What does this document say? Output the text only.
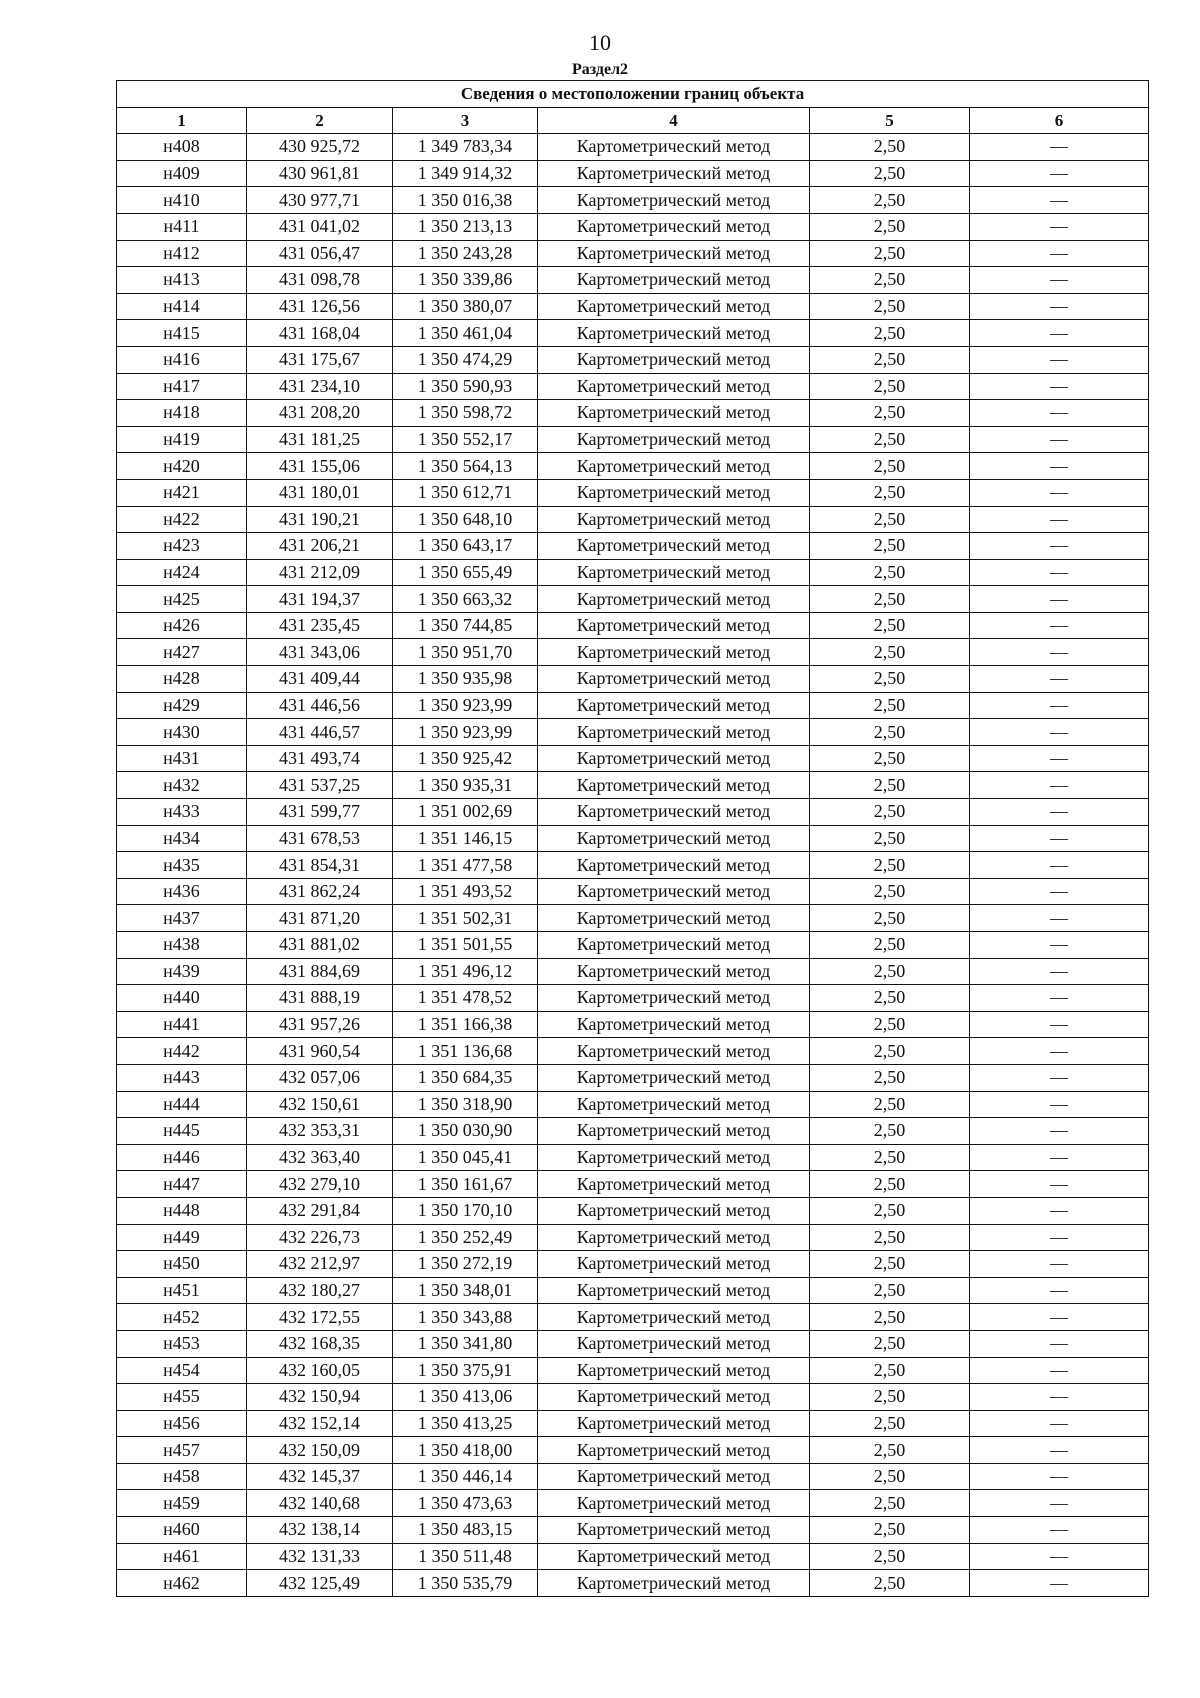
10
Раздел2
Сведения о местоположении границ объекта					
1	2	3	4	5	6
н408	430 925,72	1 349 783,34	Картометрический метод	2,50	—
н409	430 961,81	1 349 914,32	Картометрический метод	2,50	—
н410	430 977,71	1 350 016,38	Картометрический метод	2,50	—
н411	431 041,02	1 350 213,13	Картометрический метод	2,50	—
н412	431 056,47	1 350 243,28	Картометрический метод	2,50	—
н413	431 098,78	1 350 339,86	Картометрический метод	2,50	—
н414	431 126,56	1 350 380,07	Картометрический метод	2,50	—
н415	431 168,04	1 350 461,04	Картометрический метод	2,50	—
н416	431 175,67	1 350 474,29	Картометрический метод	2,50	—
н417	431 234,10	1 350 590,93	Картометрический метод	2,50	—
н418	431 208,20	1 350 598,72	Картометрический метод	2,50	—
н419	431 181,25	1 350 552,17	Картометрический метод	2,50	—
н420	431 155,06	1 350 564,13	Картометрический метод	2,50	—
н421	431 180,01	1 350 612,71	Картометрический метод	2,50	—
н422	431 190,21	1 350 648,10	Картометрический метод	2,50	—
н423	431 206,21	1 350 643,17	Картометрический метод	2,50	—
н424	431 212,09	1 350 655,49	Картометрический метод	2,50	—
н425	431 194,37	1 350 663,32	Картометрический метод	2,50	—
н426	431 235,45	1 350 744,85	Картометрический метод	2,50	—
н427	431 343,06	1 350 951,70	Картометрический метод	2,50	—
н428	431 409,44	1 350 935,98	Картометрический метод	2,50	—
н429	431 446,56	1 350 923,99	Картометрический метод	2,50	—
н430	431 446,57	1 350 923,99	Картометрический метод	2,50	—
н431	431 493,74	1 350 925,42	Картометрический метод	2,50	—
н432	431 537,25	1 350 935,31	Картометрический метод	2,50	—
н433	431 599,77	1 351 002,69	Картометрический метод	2,50	—
н434	431 678,53	1 351 146,15	Картометрический метод	2,50	—
н435	431 854,31	1 351 477,58	Картометрический метод	2,50	—
н436	431 862,24	1 351 493,52	Картометрический метод	2,50	—
н437	431 871,20	1 351 502,31	Картометрический метод	2,50	—
н438	431 881,02	1 351 501,55	Картометрический метод	2,50	—
н439	431 884,69	1 351 496,12	Картометрический метод	2,50	—
н440	431 888,19	1 351 478,52	Картометрический метод	2,50	—
н441	431 957,26	1 351 166,38	Картометрический метод	2,50	—
н442	431 960,54	1 351 136,68	Картометрический метод	2,50	—
н443	432 057,06	1 350 684,35	Картометрический метод	2,50	—
н444	432 150,61	1 350 318,90	Картометрический метод	2,50	—
н445	432 353,31	1 350 030,90	Картометрический метод	2,50	—
н446	432 363,40	1 350 045,41	Картометрический метод	2,50	—
н447	432 279,10	1 350 161,67	Картометрический метод	2,50	—
н448	432 291,84	1 350 170,10	Картометрический метод	2,50	—
н449	432 226,73	1 350 252,49	Картометрический метод	2,50	—
н450	432 212,97	1 350 272,19	Картометрический метод	2,50	—
н451	432 180,27	1 350 348,01	Картометрический метод	2,50	—
н452	432 172,55	1 350 343,88	Картометрический метод	2,50	—
н453	432 168,35	1 350 341,80	Картометрический метод	2,50	—
н454	432 160,05	1 350 375,91	Картометрический метод	2,50	—
н455	432 150,94	1 350 413,06	Картометрический метод	2,50	—
н456	432 152,14	1 350 413,25	Картометрический метод	2,50	—
н457	432 150,09	1 350 418,00	Картометрический метод	2,50	—
н458	432 145,37	1 350 446,14	Картометрический метод	2,50	—
н459	432 140,68	1 350 473,63	Картометрический метод	2,50	—
н460	432 138,14	1 350 483,15	Картометрический метод	2,50	—
н461	432 131,33	1 350 511,48	Картометрический метод	2,50	—
н462	432 125,49	1 350 535,79	Картометрический метод	2,50	—
